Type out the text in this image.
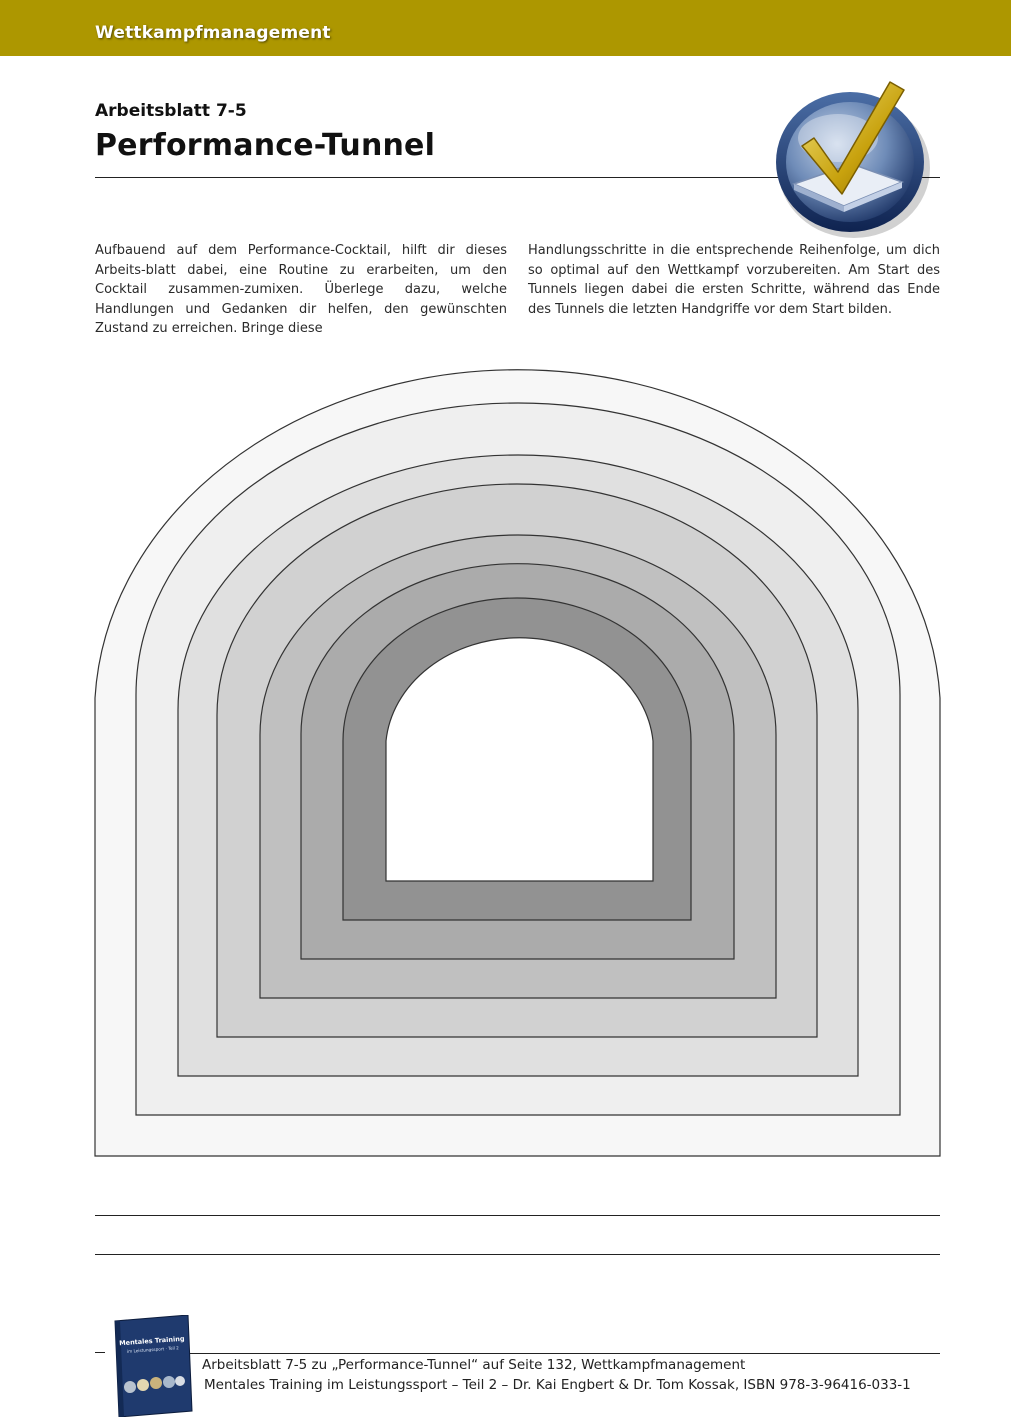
Wettkampfmanagement
Arbeitsblatt 7-5
Performance-Tunnel

Aufbauend auf dem Performance-Cocktail, hilft dir dieses Arbeits-blatt dabei, eine Routine zu erarbeiten, um den Cocktail zusammen-zumixen. Überlege dazu, welche Handlungen und Gedanken dir helfen, den gewünschten Zustand zu erreichen. Bringe diese

Handlungsschritte in die entsprechende Reihenfolge, um dich so optimal auf den Wettkampf vorzubereiten. Am Start des Tunnels liegen dabei die ersten Schritte, während das Ende des Tunnels die letzten Handgriffe vor dem Start bilden.

Mentales Training
im Leistungssport · Teil 2
Arbeitsblatt 7-5 zu „Performance-Tunnel“ auf Seite 132, Wettkampfmanagement
Mentales Training im Leistungssport – Teil 2 – Dr. Kai Engbert & Dr. Tom Kossak, ISBN 978-3-96416-033-1
